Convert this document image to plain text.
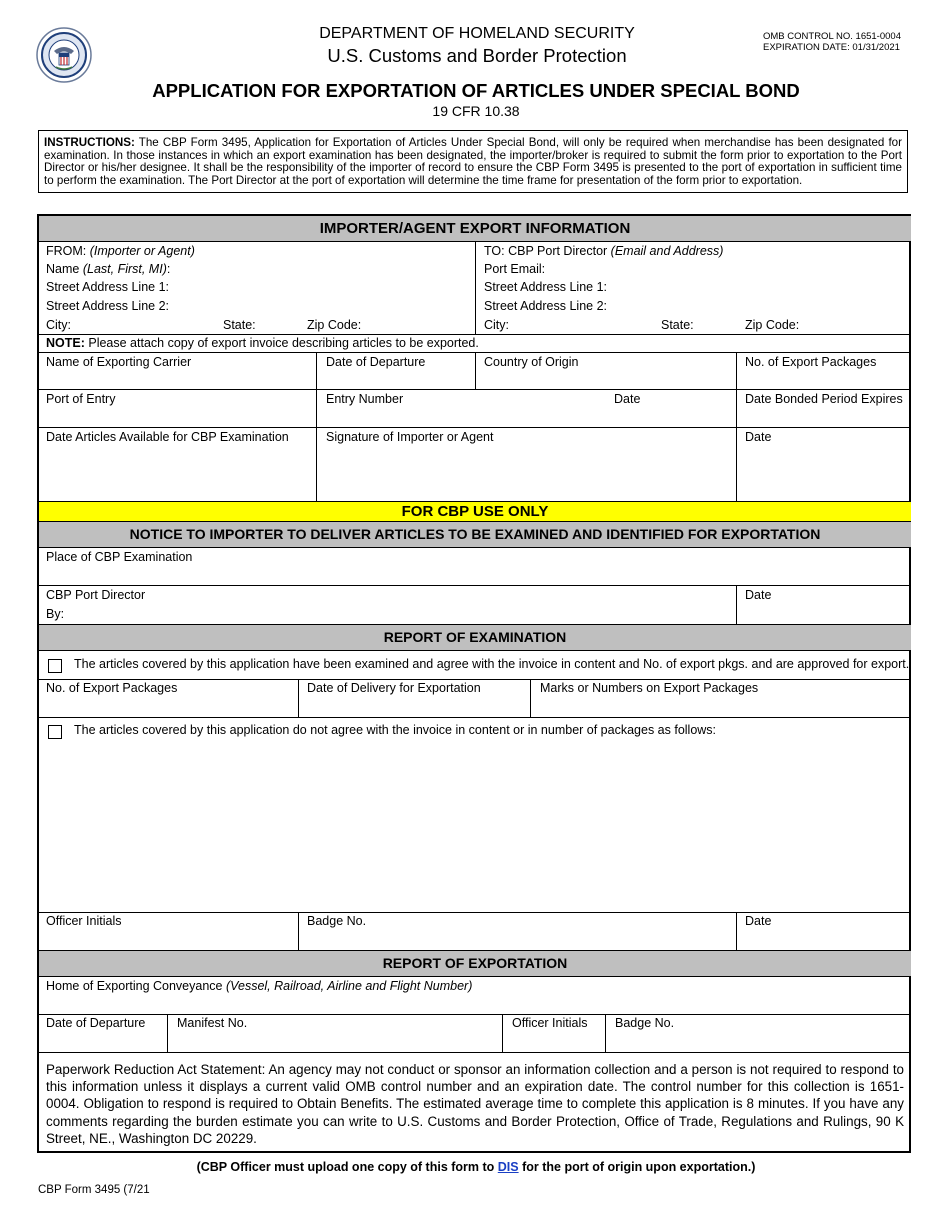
DEPARTMENT OF HOMELAND SECURITY
U.S. Customs and Border Protection
OMB CONTROL NO. 1651-0004
EXPIRATION DATE: 01/31/2021
APPLICATION FOR EXPORTATION OF ARTICLES UNDER SPECIAL BOND
19 CFR 10.38
INSTRUCTIONS: The CBP Form 3495, Application for Exportation of Articles Under Special Bond, will only be required when merchandise has been designated for examination. In those instances in which an export examination has been designated, the importer/broker is required to submit the form prior to exportation to the Port Director or his/her designee. It shall be the responsibility of the importer of record to ensure the CBP Form 3495 is presented to the port of exportation in sufficient time to perform the examination. The Port Director at the port of exportation will determine the time frame for presentation of the form prior to exportation.
IMPORTER/AGENT EXPORT INFORMATION
FROM: (Importer or Agent)
Name (Last, First, MI):
Street Address Line 1:
Street Address Line 2:
City:	State:	Zip Code:
TO: CBP Port Director (Email and Address)
Port Email:
Street Address Line 1:
Street Address Line 2:
City:	State:	Zip Code:
NOTE: Please attach copy of export invoice describing articles to be exported.
Name of Exporting Carrier	Date of Departure	Country of Origin	No. of Export Packages
Port of Entry	Entry Number	Date	Date Bonded Period Expires
Date Articles Available for CBP Examination	Signature of Importer or Agent	Date
FOR CBP USE ONLY
NOTICE TO IMPORTER TO DELIVER ARTICLES TO BE EXAMINED AND IDENTIFIED FOR EXPORTATION
Place of CBP Examination
CBP Port Director
By:
Date
REPORT OF EXAMINATION
The articles covered by this application have been examined and agree with the invoice in content and No. of export pkgs. and are approved for export.
No. of Export Packages	Date of Delivery for Exportation	Marks or Numbers on Export Packages
The articles covered by this application do not agree with the invoice in content or in number of packages as follows:
Officer Initials	Badge No.	Date
REPORT OF EXPORTATION
Home of Exporting Conveyance (Vessel, Railroad, Airline and Flight Number)
Date of Departure	Manifest No.	Officer Initials Badge No.
Paperwork Reduction Act Statement: An agency may not conduct or sponsor an information collection and a person is not required to respond to this information unless it displays a current valid OMB control number and an expiration date. The control number for this collection is 1651-0004. Obligation to respond is required to Obtain Benefits. The estimated average time to complete this application is 8 minutes. If you have any comments regarding the burden estimate you can write to U.S. Customs and Border Protection, Office of Trade, Regulations and Rulings, 90 K Street, NE., Washington DC 20229.
(CBP Officer must upload one copy of this form to DIS for the port of origin upon exportation.)
CBP Form 3495 (7/21
